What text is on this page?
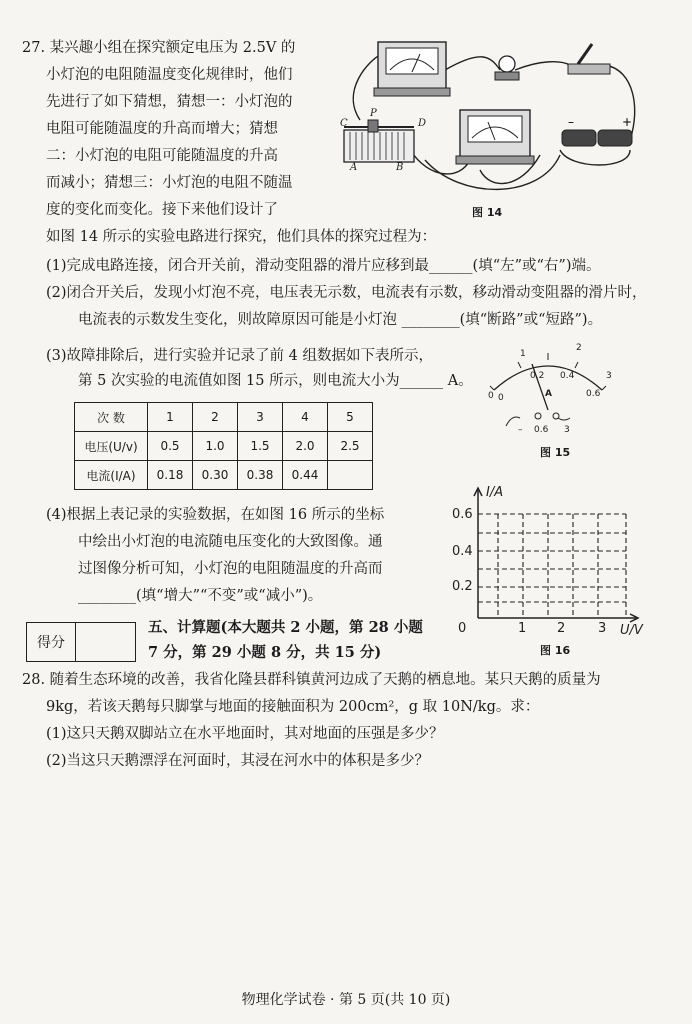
27. 某兴趣小组在探究额定电压为 2.5V 的
小灯泡的电阻随温度变化规律时，他们
先进行了如下猜想，猜想一：小灯泡的
电阻可能随温度的升高而增大；猜想
二：小灯泡的电阻可能随温度的升高
而减小；猜想三：小灯泡的电阻不随温
度的变化而变化。接下来他们设计了
如图 14 所示的实验电路进行探究，他们具体的探究过程为：
(1)完成电路连接，闭合开关前，滑动变阻器的滑片应移到最______(填“左”或“右”)端。
(2)闭合开关后，发现小灯泡不亮，电压表无示数，电流表有示数，移动滑动变阻器的滑片时，
电流表的示数发生变化，则故障原因可能是小灯泡 ________(填“断路”或“短路”)。
(3)故障排除后，进行实验并记录了前 4 组数据如下表所示，
第 5 次实验的电流值如图 15 所示，则电流大小为______ A。
–	+
C
P
D
A	B
图 14
0
1
2
3
0
0.2 0.4
0.6
A
0.6 3
–
图 15
次 数	1	2	3	4	5
电压(U/v)	0.5	1.0	1.5	2.0	2.5
电流(I/A)	0.18	0.30	0.38	0.44	
(4)根据上表记录的实验数据，在如图 16 所示的坐标
中绘出小灯泡的电流随电压变化的大致图像。通
过图像分析可知，小灯泡的电阻随温度的升高而
________(填“增大”“不变”或“减小”)。
I/A
U/V
0.6
0.4
0.2
0	1 2	3
图 16
得分
五、计算题(本大题共 2 小题，第 28 小题
7 分，第 29 小题 8 分，共 15 分)
28. 随着生态环境的改善，我省化隆县群科镇黄河边成了天鹅的栖息地。某只天鹅的质量为
9kg，若该天鹅每只脚掌与地面的接触面积为 200cm²，g 取 10N/kg。求：
(1)这只天鹅双脚站立在水平地面时，其对地面的压强是多少？
(2)当这只天鹅漂浮在河面时，其浸在河水中的体积是多少？
物理化学试卷 · 第 5 页(共 10 页)
